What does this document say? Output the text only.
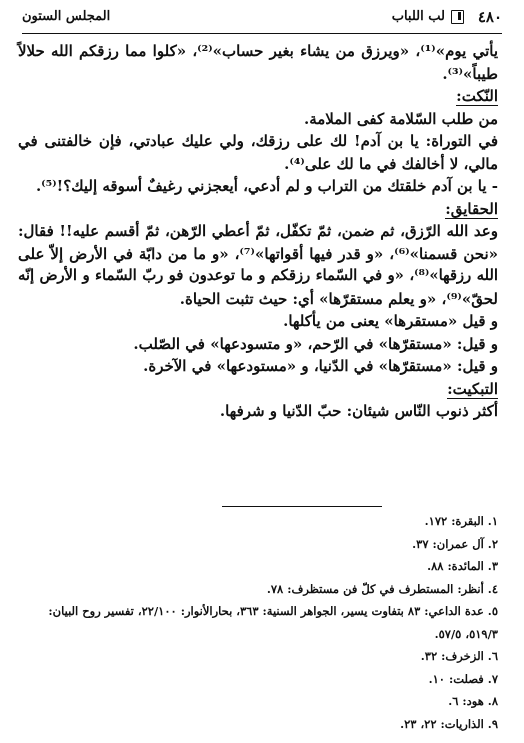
٤٨٠
لب اللباب
المجلس الستون
يأتي يوم»⁽¹⁾، «ويرزق من يشاء بغير حساب»⁽²⁾، «كلوا مما رزقكم الله حلالاً
طيباً»⁽³⁾.
النّكت:
من طلب السّلامة كفى الملامة.
في التوراة: يا بن آدم! لك على رزقك، ولي عليك عبادتي، فإن خالفتنى في
مالي، لا أخالفك في ما لك على⁽⁴⁾.
- يا بن آدم خلقتك من التراب و لم أدعي، أيعجزني رغيفٌ أسوقه إليك؟!⁽⁵⁾.
الحقايق:
وعد الله الرّزق، ثم ضمن، ثمّ تكفّل، ثمّ أعطي الرّهن، ثمّ أقسم عليه!! فقال:
«نحن قسمنا»⁽⁶⁾، «و قدر فيها أقواتها»⁽⁷⁾، «و ما من دابّة في الأرض إلاّ على
الله رزقها»⁽⁸⁾، «و في السّماء رزقكم و ما توعدون فو ربّ السّماء و الأرض إنّه
لحقّ»⁽⁹⁾، «و يعلم مستقرّها» أي: حيث تثبت الحياة.
و قيل «مستقرها» يعنى من يأكلها.
و قيل: «مستقرّها» في الرّحم، «و متسودعها» في الصّلب.
و قيل: «مستقرّها» في الدّنيا، و «مستودعها» في الآخرة.
التبكيت:
أكثر ذنوب النّاس شيئان: حبّ الدّنيا و شرفها.
١. البقرة: ١٧٢.
٢. آل عمران: ٣٧.
٣. المائدة: ٨٨.
٤. أنظر: المستطرف في كلّ فن مستظرف: ٧٨.
٥. عدة الداعي: ٨٣ بتفاوت يسير، الجواهر السنية: ٣٦٣، بحارالأنوار: ٢٢/١٠٠، تفسير روح البيان:
٥١٩/٣، ٥٧/٥.
٦. الزخرف: ٣٢.
٧. فصلت: ١٠.
٨. هود: ٦.
٩. الذاريات: ٢٢، ٢٣.
